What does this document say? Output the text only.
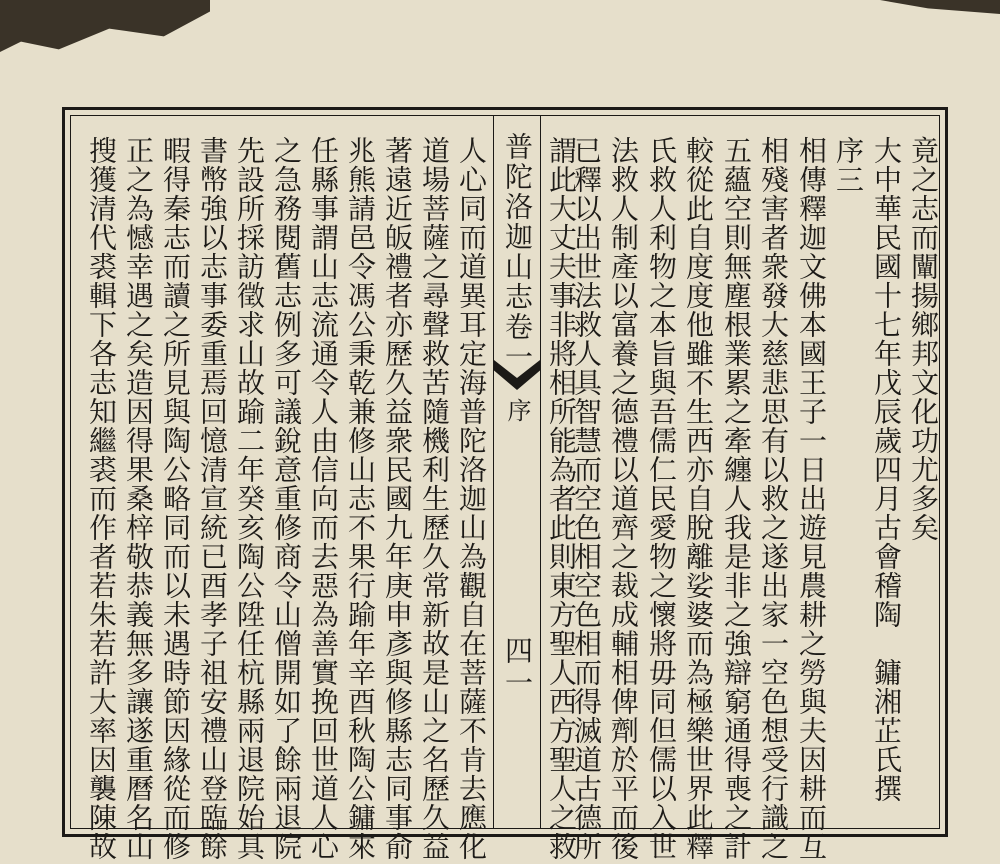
竟之志而闡揚鄉邦文化功尤多矣
大中華民國十七年戊辰歲四月古會稽陶　鏞湘芷氏撰
序三
相傳釋迦文佛本國王子一日出遊見農耕之勞與夫因耕而互
相殘害者衆發大慈悲思有以救之遂出家一空色想受行識之
五蘊空則無塵根業累之牽纏人我是非之強辯窮通得喪之計
較從此自度度他雖不生西亦自脫離娑婆而為極樂世界此釋
氏救人利物之本旨與吾儒仁民愛物之懷將毋同但儒以入世
法救人制產以富養之德禮以道齊之裁成輔相俾劑於平而後
已釋以出世法救人具智慧而空色相空色相而得滅道古德所
謂此大丈夫事非將相所能為者此則東方聖人西方聖人之救
普陀洛迦山志卷一
序
四一
人心同而道異耳定海普陀洛迦山為觀自在菩薩不肯去應化
道場菩薩之尋聲救苦隨機利生歷久常新故是山之名歷久益
著遠近皈禮者亦歷久益衆民國九年庚申彥與修縣志同事俞
兆熊請邑令馮公秉乾兼修山志不果行踰年辛酉秋陶公鏞來
任縣事謂山志流通令人由信向而去惡為善實挽回世道人心
之急務閱舊志例多可議銳意重修商令山僧開如了餘兩退院
先設所採訪徵求山故踰二年癸亥陶公陞任杭縣兩退院始具
書幣強以志事委重焉回憶清宣統已酉孝子祖安禮山登臨餘
暇得秦志而讀之所見與陶公略同而以未遇時節因緣從而修
正之為憾幸遇之矣造因得果桑梓敬恭義無多讓遂重曆名山
搜獲清代裘輯下各志知繼裘而作者若朱若許大率因襲陳故
